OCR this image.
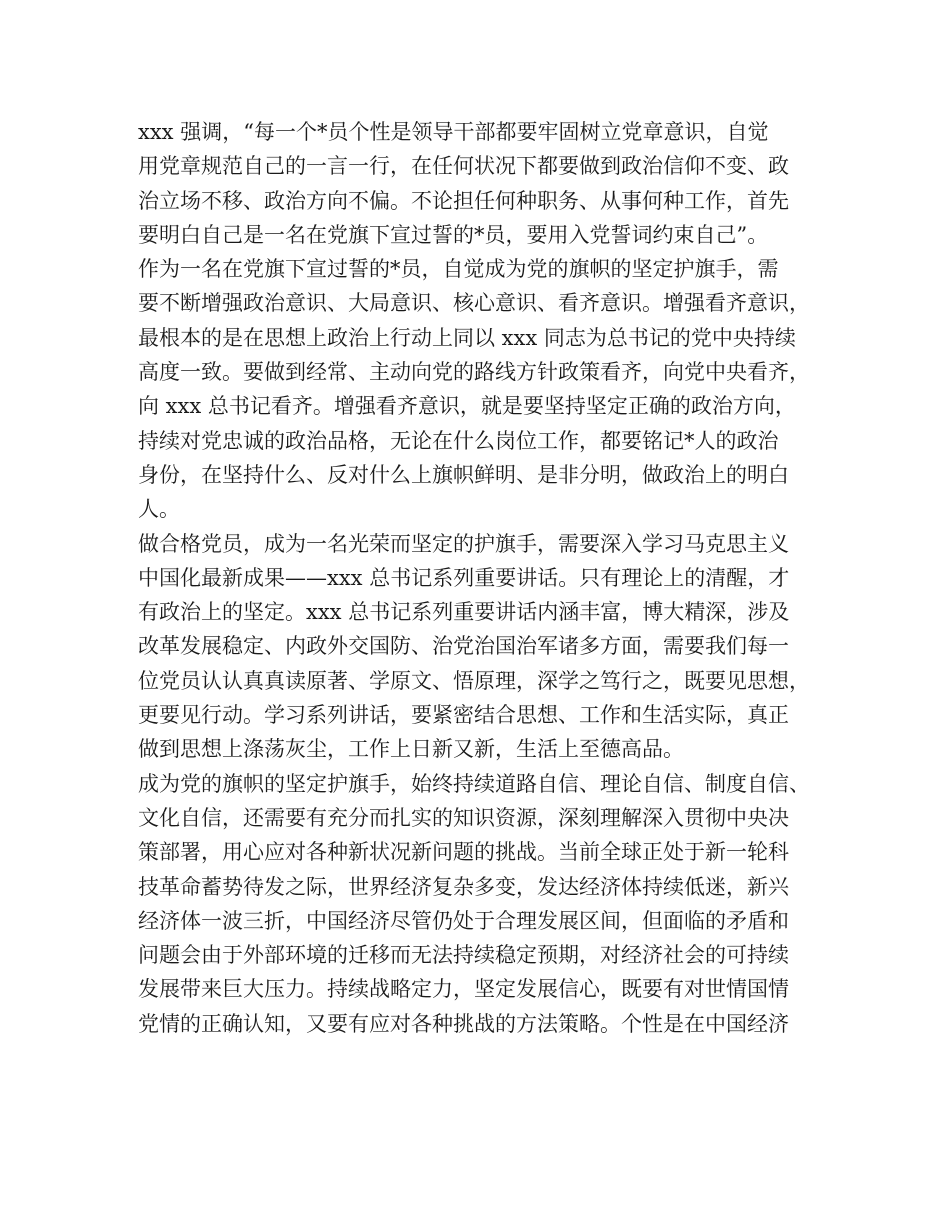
xxx 强调，“每一个*员个性是领导干部都要牢固树立党章意识，自觉
用党章规范自己的一言一行，在任何状况下都要做到政治信仰不变、政
治立场不移、政治方向不偏。不论担任何种职务、从事何种工作，首先
要明白自己是一名在党旗下宣过誓的*员，要用入党誓词约束自己”。
作为一名在党旗下宣过誓的*员，自觉成为党的旗帜的坚定护旗手，需
要不断增强政治意识、大局意识、核心意识、看齐意识。增强看齐意识，
最根本的是在思想上政治上行动上同以 xxx 同志为总书记的党中央持续
高度一致。要做到经常、主动向党的路线方针政策看齐，向党中央看齐，
向 xxx 总书记看齐。增强看齐意识，就是要坚持坚定正确的政治方向，
持续对党忠诚的政治品格，无论在什么岗位工作，都要铭记*人的政治
身份，在坚持什么、反对什么上旗帜鲜明、是非分明，做政治上的明白
人。
做合格党员，成为一名光荣而坚定的护旗手，需要深入学习马克思主义
中国化最新成果——xxx 总书记系列重要讲话。只有理论上的清醒，才
有政治上的坚定。xxx 总书记系列重要讲话内涵丰富，博大精深，涉及
改革发展稳定、内政外交国防、治党治国治军诸多方面，需要我们每一
位党员认认真真读原著、学原文、悟原理，深学之笃行之，既要见思想，
更要见行动。学习系列讲话，要紧密结合思想、工作和生活实际，真正
做到思想上涤荡灰尘，工作上日新又新，生活上至德高品。
成为党的旗帜的坚定护旗手，始终持续道路自信、理论自信、制度自信、
文化自信，还需要有充分而扎实的知识资源，深刻理解深入贯彻中央决
策部署，用心应对各种新状况新问题的挑战。当前全球正处于新一轮科
技革命蓄势待发之际，世界经济复杂多变，发达经济体持续低迷，新兴
经济体一波三折，中国经济尽管仍处于合理发展区间，但面临的矛盾和
问题会由于外部环境的迁移而无法持续稳定预期，对经济社会的可持续
发展带来巨大压力。持续战略定力，坚定发展信心，既要有对世情国情
党情的正确认知，又要有应对各种挑战的方法策略。个性是在中国经济
